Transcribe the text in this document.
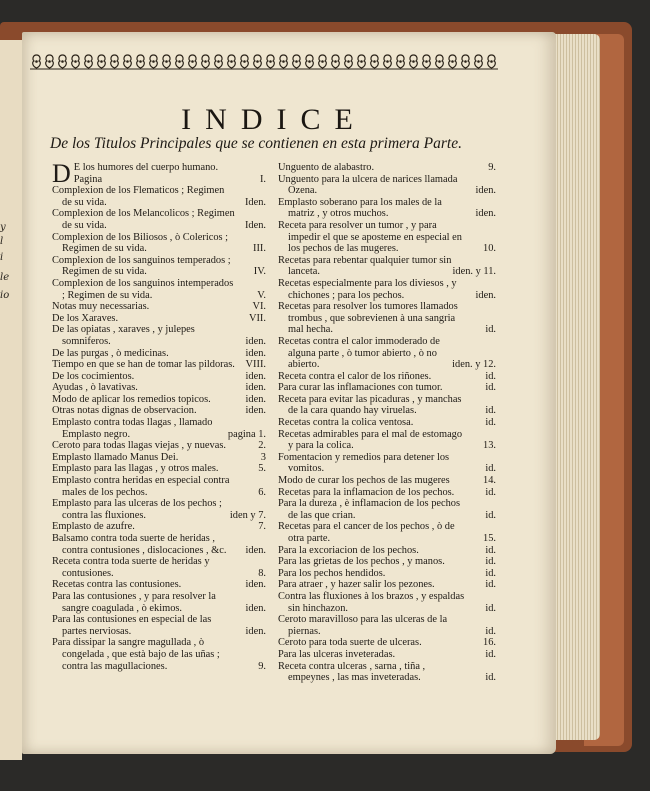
y
l
i
le
io
INDICE
De los Titulos Principales que se contienen en esta primera Parte.
D E los humores del cuerpo humano. Pagina	I.
Complexion de los Flematicos ; Regimen de su vida.	Iden.
Complexion de los Melancolicos ; Regimen de su vida.	Iden.
Complexion de los Biliosos , ò Colericos ; Regimen de su vida.	III.
Complexion de los sanguinos temperados ; Regimen de su vida.	IV.
Complexion de los sanguinos intemperados ; Regimen de su vida.	V.
Notas muy necessarias.	VI.
De los Xaraves.	VII.
De las opiatas , xaraves , y julepes somniferos.	iden.
De las purgas , ò medicinas.	iden.
Tiempo en que se han de tomar las pildoras. VIII.
De los cocimientos.	iden.
Ayudas , ò lavativas.	iden.
Modo de aplicar los remedios topicos.	iden.
Otras notas dignas de observacion.	iden.
Emplasto contra todas llagas , llamado Emplasto negro.	pagina 1.
Ceroto para todas llagas viejas , y nuevas.	2.
Emplasto llamado Manus Dei.	3
Emplasto para las llagas , y otros males.	5.
Emplasto contra heridas en especial contra males de los pechos.	6.
Emplasto para las ulceras de los pechos ; contra las fluxiones.	iden y 7.
Emplasto de azufre.	7.
Balsamo contra toda suerte de heridas , contra contusiones , dislocaciones , &c.	iden.
Receta contra toda suerte de heridas y contusiones.	8.
Recetas contra las contusiones.	iden.
Para las contusiones , y para resolver la sangre coagulada , ò ekimos.	iden.
Para las contusiones en especial de las partes nerviosas.	iden.
Para dissipar la sangre magullada , ò congelada , que està bajo de las uñas ; contra las magullaciones.	9.
Unguento de alabastro.	9.
Unguento para la ulcera de narices llamada Ozena.	iden.
Emplasto soberano para los males de la matriz , y otros muchos.	iden.
Receta para resolver un tumor , y para impedir el que se aposteme en especial en los pechos de las mugeres.	10.
Recetas para rebentar qualquier tumor sin lanceta.	iden. y 11.
Recetas especialmente para los diviesos , y chichones ; para los pechos.	iden.
Recetas para resolver los tumores llamados trombus , que sobrevienen à una sangria mal hecha.	id.
Recetas contra el calor immoderado de alguna parte , ò tumor abierto , ò no abierto.	iden. y 12.
Receta contra el calor de los riñones.	id.
Para curar las inflamaciones con tumor.	id.
Receta para evitar las picaduras , y manchas de la cara quando hay viruelas.	id.
Recetas contra la colica ventosa.	id.
Recetas admirables para el mal de estomago y para la colica.	13.
Fomentacion y remedios para detener los vomitos.	id.
Modo de curar los pechos de las mugeres	14.
Recetas para la inflamacion de los pechos.	id.
Para la dureza , è inflamacion de los pechos de las que crian.	id.
Recetas para el cancer de los pechos , ò de otra parte.	15.
Para la excoriacion de los pechos.	id.
Para las grietas de los pechos , y manos.	id.
Para los pechos hendidos.	id.
Para atraer , y hazer salir los pezones.	id.
Contra las fluxiones à los brazos , y espaldas sin hinchazon.	id.
Ceroto maravilloso para las ulceras de la piernas.	id.
Ceroto para toda suerte de ulceras.	16.
Para las ulceras inveteradas.	id.
Receta contra ulceras , sarna , tiña , empeynes , las mas inveteradas.	id.
